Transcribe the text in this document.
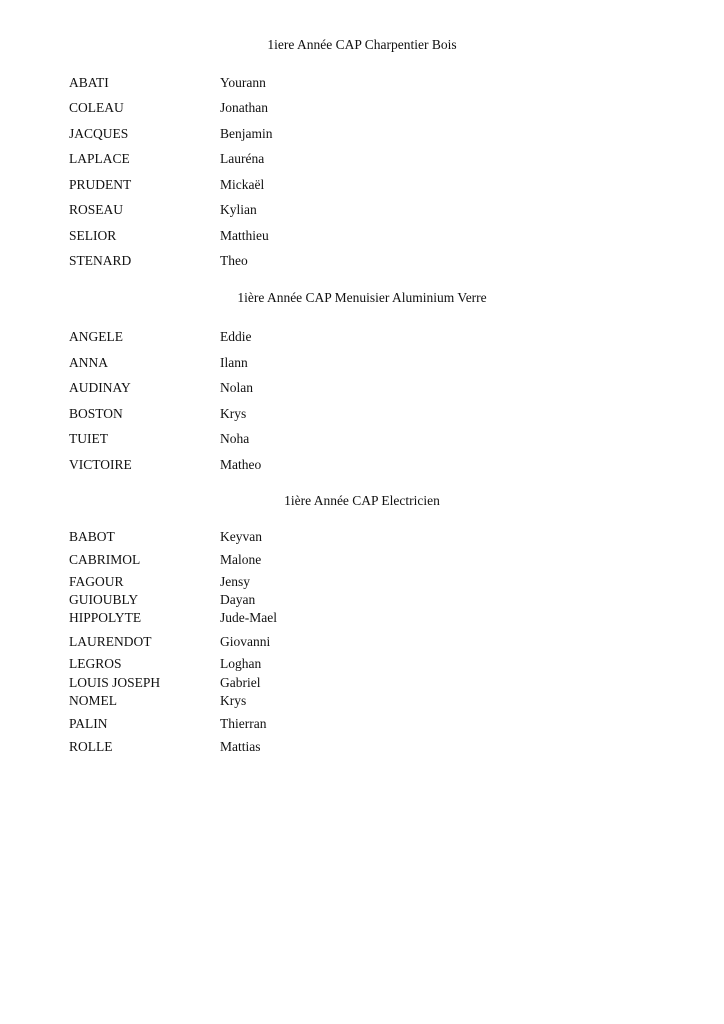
1iere Année CAP Charpentier Bois
ABATI	Yourann
COLEAU	Jonathan
JACQUES	Benjamin
LAPLACE	Lauréna
PRUDENT	Mickaël
ROSEAU	Kylian
SELIOR	Matthieu
STENARD	Theo
1ière Année CAP Menuisier Aluminium Verre
ANGELE	Eddie
ANNA	Ilann
AUDINAY	Nolan
BOSTON	Krys
TUIET	Noha
VICTOIRE	Matheo
1ière Année CAP Electricien
BABOT	Keyvan
CABRIMOL	Malone
FAGOUR	Jensy
GUIOUBLY	Dayan
HIPPOLYTE	Jude-Mael
LAURENDOT	Giovanni
LEGROS	Loghan
LOUIS JOSEPH	Gabriel
NOMEL	Krys
PALIN	Thierran
ROLLE	Mattias
